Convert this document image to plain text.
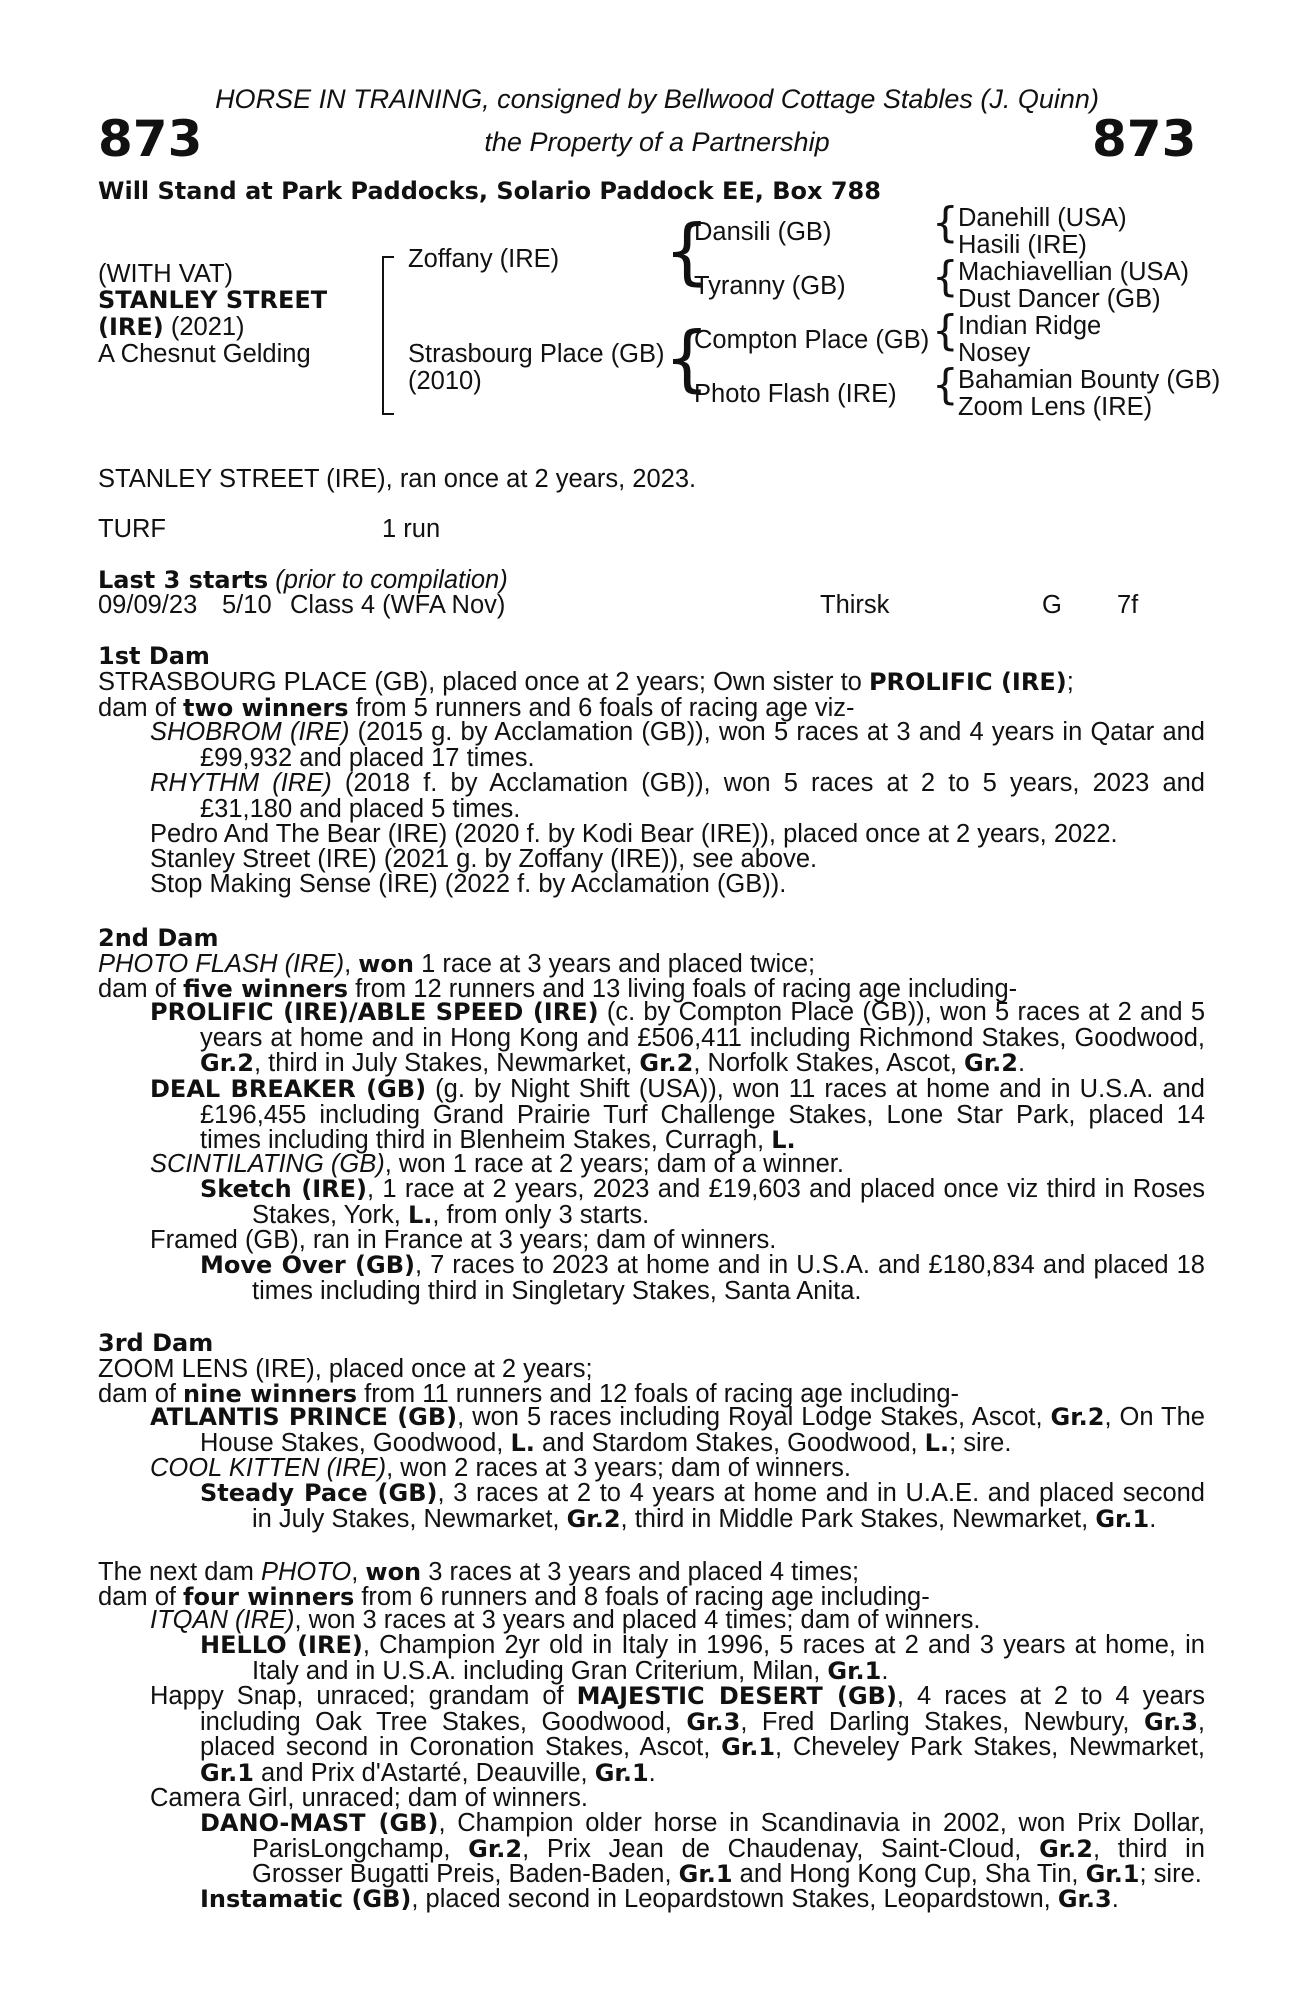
HORSE IN TRAINING, consigned by Bellwood Cottage Stables (J. Quinn)
the Property of a Partnership
873	873
Will Stand at Park Paddocks, Solario Paddock EE, Box 788
(WITH VAT)
STANLEY STREET
(IRE) (2021)
A Chesnut Gelding
Zoffany (IRE)
Strasbourg Place (GB)
(2010)
{
Dansili (GB)
Tyranny (GB)
{
Compton Place (GB)
Photo Flash (IRE)
{
{
{
{
Danehill (USA)
Hasili (IRE)
Machiavellian (USA)
Dust Dancer (GB)
Indian Ridge
Nosey
Bahamian Bounty (GB)
Zoom Lens (IRE)
STANLEY STREET (IRE), ran once at 2 years, 2023.
TURF	1 run
Last 3 starts (prior to compilation)
09/09/23 5/10 Class 4 (WFA Nov)	Thirsk	G 7f
1st Dam
STRASBOURG PLACE (GB), placed once at 2 years; Own sister to PROLIFIC (IRE);
dam of two winners from 5 runners and 6 foals of racing age viz-
SHOBROM (IRE) (2015 g. by Acclamation (GB)), won 5 races at 3 and 4 years in Qatar and £99,932 and placed 17 times.
RHYTHM (IRE) (2018 f. by Acclamation (GB)), won 5 races at 2 to 5 years, 2023 and £31,180 and placed 5 times.
Pedro And The Bear (IRE) (2020 f. by Kodi Bear (IRE)), placed once at 2 years, 2022.
Stanley Street (IRE) (2021 g. by Zoffany (IRE)), see above.
Stop Making Sense (IRE) (2022 f. by Acclamation (GB)).
2nd Dam
PHOTO FLASH (IRE), won 1 race at 3 years and placed twice;
dam of five winners from 12 runners and 13 living foals of racing age including-
PROLIFIC (IRE)/ABLE SPEED (IRE) (c. by Compton Place (GB)), won 5 races at 2 and 5 years at home and in Hong Kong and £506,411 including Richmond Stakes, Goodwood, Gr.2, third in July Stakes, Newmarket, Gr.2, Norfolk Stakes, Ascot, Gr.2.
DEAL BREAKER (GB) (g. by Night Shift (USA)), won 11 races at home and in U.S.A. and £196,455 including Grand Prairie Turf Challenge Stakes, Lone Star Park, placed 14 times including third in Blenheim Stakes, Curragh, L.
SCINTILATING (GB), won 1 race at 2 years; dam of a winner.
Sketch (IRE), 1 race at 2 years, 2023 and £19,603 and placed once viz third in Roses Stakes, York, L., from only 3 starts.
Framed (GB), ran in France at 3 years; dam of winners.
Move Over (GB), 7 races to 2023 at home and in U.S.A. and £180,834 and placed 18 times including third in Singletary Stakes, Santa Anita.
3rd Dam
ZOOM LENS (IRE), placed once at 2 years;
dam of nine winners from 11 runners and 12 foals of racing age including-
ATLANTIS PRINCE (GB), won 5 races including Royal Lodge Stakes, Ascot, Gr.2, On The House Stakes, Goodwood, L. and Stardom Stakes, Goodwood, L.; sire.
COOL KITTEN (IRE), won 2 races at 3 years; dam of winners.
Steady Pace (GB), 3 races at 2 to 4 years at home and in U.A.E. and placed second in July Stakes, Newmarket, Gr.2, third in Middle Park Stakes, Newmarket, Gr.1.
The next dam PHOTO, won 3 races at 3 years and placed 4 times;
dam of four winners from 6 runners and 8 foals of racing age including-
ITQAN (IRE), won 3 races at 3 years and placed 4 times; dam of winners.
HELLO (IRE), Champion 2yr old in Italy in 1996, 5 races at 2 and 3 years at home, in Italy and in U.S.A. including Gran Criterium, Milan, Gr.1.
Happy Snap, unraced; grandam of MAJESTIC DESERT (GB), 4 races at 2 to 4 years including Oak Tree Stakes, Goodwood, Gr.3, Fred Darling Stakes, Newbury, Gr.3, placed second in Coronation Stakes, Ascot, Gr.1, Cheveley Park Stakes, Newmarket, Gr.1 and Prix d'Astarté, Deauville, Gr.1.
Camera Girl, unraced; dam of winners.
DANO-MAST (GB), Champion older horse in Scandinavia in 2002, won Prix Dollar, ParisLongchamp, Gr.2, Prix Jean de Chaudenay, Saint-Cloud, Gr.2, third in Grosser Bugatti Preis, Baden-Baden, Gr.1 and Hong Kong Cup, Sha Tin, Gr.1; sire.
Instamatic (GB), placed second in Leopardstown Stakes, Leopardstown, Gr.3.
